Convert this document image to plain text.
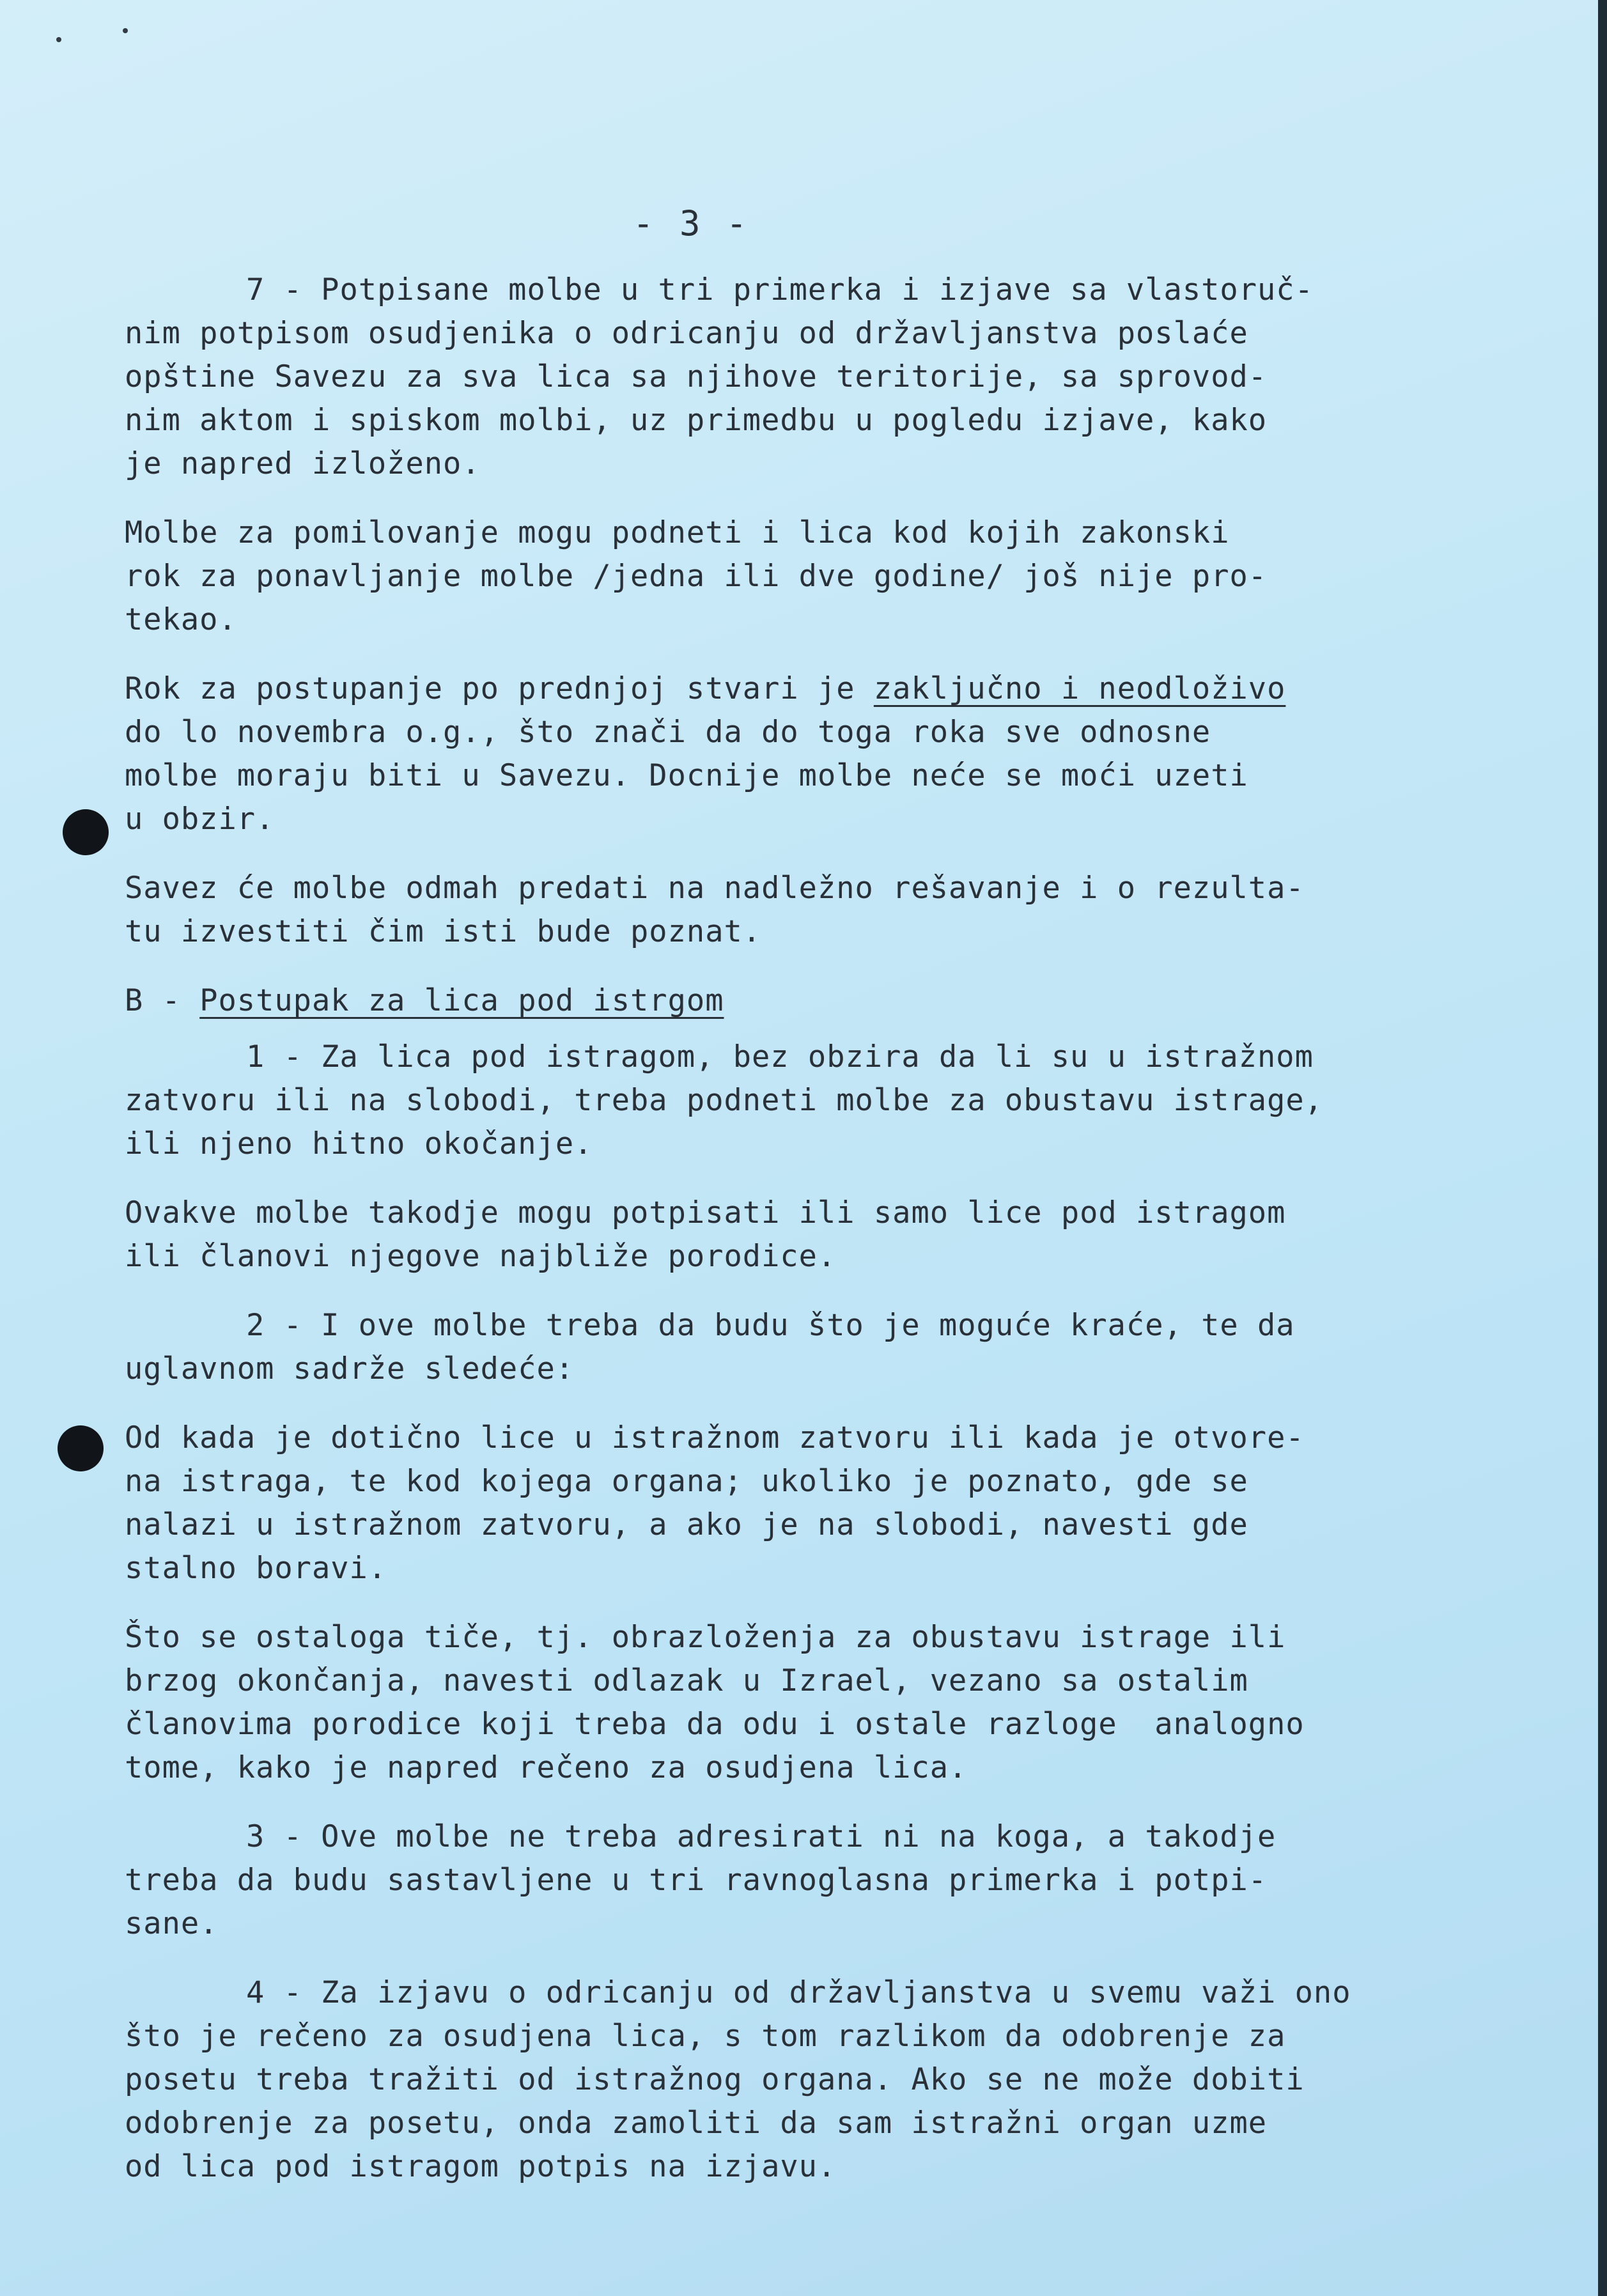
- 3 -
7 - Potpisane molbe u tri primerka i izjave sa vlastoruč-
nim potpisom osudjenika o odricanju od državljanstva poslaće
opštine Savezu za sva lica sa njihove teritorije, sa sprovod-
nim aktom i spiskom molbi, uz primedbu u pogledu izjave, kako
je napred izloženo.
Molbe za pomilovanje mogu podneti i lica kod kojih zakonski
rok za ponavljanje molbe /jedna ili dve godine/ još nije pro-
tekao.
Rok za postupanje po prednjoj stvari je zaključno i neodloživo
do lo novembra o.g., što znači da do toga roka sve odnosne
molbe moraju biti u Savezu. Docnije molbe neće se moći uzeti
u obzir.
Savez će molbe odmah predati na nadležno rešavanje i o rezulta-
tu izvestiti čim isti bude poznat.
B - Postupak za lica pod istrgom
1 - Za lica pod istragom, bez obzira da li su u istražnom
zatvoru ili na slobodi, treba podneti molbe za obustavu istrage,
ili njeno hitno okočanje.
Ovakve molbe takodje mogu potpisati ili samo lice pod istragom
ili članovi njegove najbliže porodice.
2 - I ove molbe treba da budu što je moguće kraće, te da
uglavnom sadrže sledeće:
Od kada je dotično lice u istražnom zatvoru ili kada je otvore-
na istraga, te kod kojega organa; ukoliko je poznato, gde se
nalazi u istražnom zatvoru, a ako je na slobodi, navesti gde
stalno boravi.
Što se ostaloga tiče, tj. obrazloženja za obustavu istrage ili
brzog okončanja, navesti odlazak u Izrael, vezano sa ostalim
članovima porodice koji treba da odu i ostale razloge  analogno
tome, kako je napred rečeno za osudjena lica.
3 - Ove molbe ne treba adresirati ni na koga, a takodje
treba da budu sastavljene u tri ravnoglasna primerka i potpi-
sane.
4 - Za izjavu o odricanju od državljanstva u svemu važi ono
što je rečeno za osudjena lica, s tom razlikom da odobrenje za
posetu treba tražiti od istražnog organa. Ako se ne može dobiti
odobrenje za posetu, onda zamoliti da sam istražni organ uzme
od lica pod istragom potpis na izjavu.
